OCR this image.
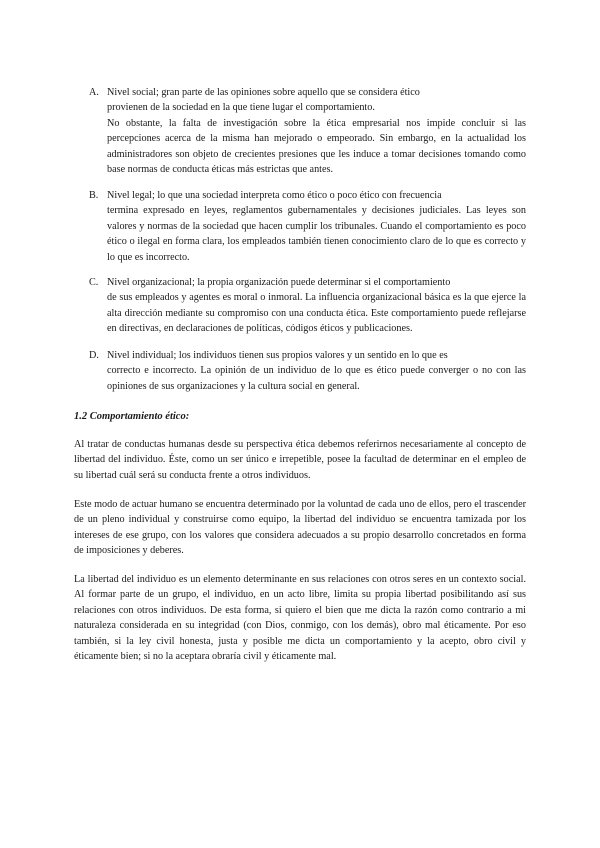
A. Nivel social; gran parte de las opiniones sobre aquello que se considera ético
provienen de la sociedad en la que tiene lugar el comportamiento.
No obstante, la falta de investigación sobre la ética empresarial nos impide concluir si las percepciones acerca de la misma han mejorado o empeorado. Sin embargo, en la actualidad los administradores son objeto de crecientes presiones que les induce a tomar decisiones tomando como base normas de conducta éticas más estrictas que antes.
B. Nivel legal; lo que una sociedad interpreta como ético o poco ético con frecuencia
termina expresado en leyes, reglamentos gubernamentales y decisiones judiciales. Las leyes son valores y normas de la sociedad que hacen cumplir los tribunales. Cuando el comportamiento es poco ético o ilegal en forma clara, los empleados también tienen conocimiento claro de lo que es correcto y lo que es incorrecto.
C. Nivel organizacional; la propia organización puede determinar si el comportamiento
de sus empleados y agentes es moral o inmoral. La influencia organizacional básica es la que ejerce la alta dirección mediante su compromiso con una conducta ética. Este comportamiento puede reflejarse en directivas, en declaraciones de políticas, códigos éticos y publicaciones.
D. Nivel individual; los individuos tienen sus propios valores y un sentido en lo que es
correcto e incorrecto. La opinión de un individuo de lo que es ético puede converger o no con las opiniones de sus organizaciones y la cultura social en general.
1.2 Comportamiento ético:

Al tratar de conductas humanas desde su perspectiva ética debemos referirnos necesariamente al concepto de libertad del individuo. Éste, como un ser único e irrepetible, posee la facultad de determinar en el empleo de su libertad cuál será su conducta frente a otros individuos.

Este modo de actuar humano se encuentra determinado por la voluntad de cada uno de ellos, pero el trascender de un pleno individual y construirse como equipo, la libertad del individuo se encuentra tamizada por los intereses de ese grupo, con los valores que considera adecuados a su propio desarrollo concretados en forma de imposiciones y deberes.

La libertad del individuo es un elemento determinante en sus relaciones con otros seres en un contexto social. Al formar parte de un grupo, el individuo, en un acto libre, limita su propia libertad posibilitando así sus relaciones con otros individuos. De esta forma, si quiero el bien que me dicta la razón como contrario a mi naturaleza considerada en su integridad (con Dios, conmigo, con los demás), obro mal éticamente. Por eso también, si la ley civil honesta, justa y posible me dicta un comportamiento y la acepto, obro civil y éticamente bien; si no la aceptara obraría civil y éticamente mal.
